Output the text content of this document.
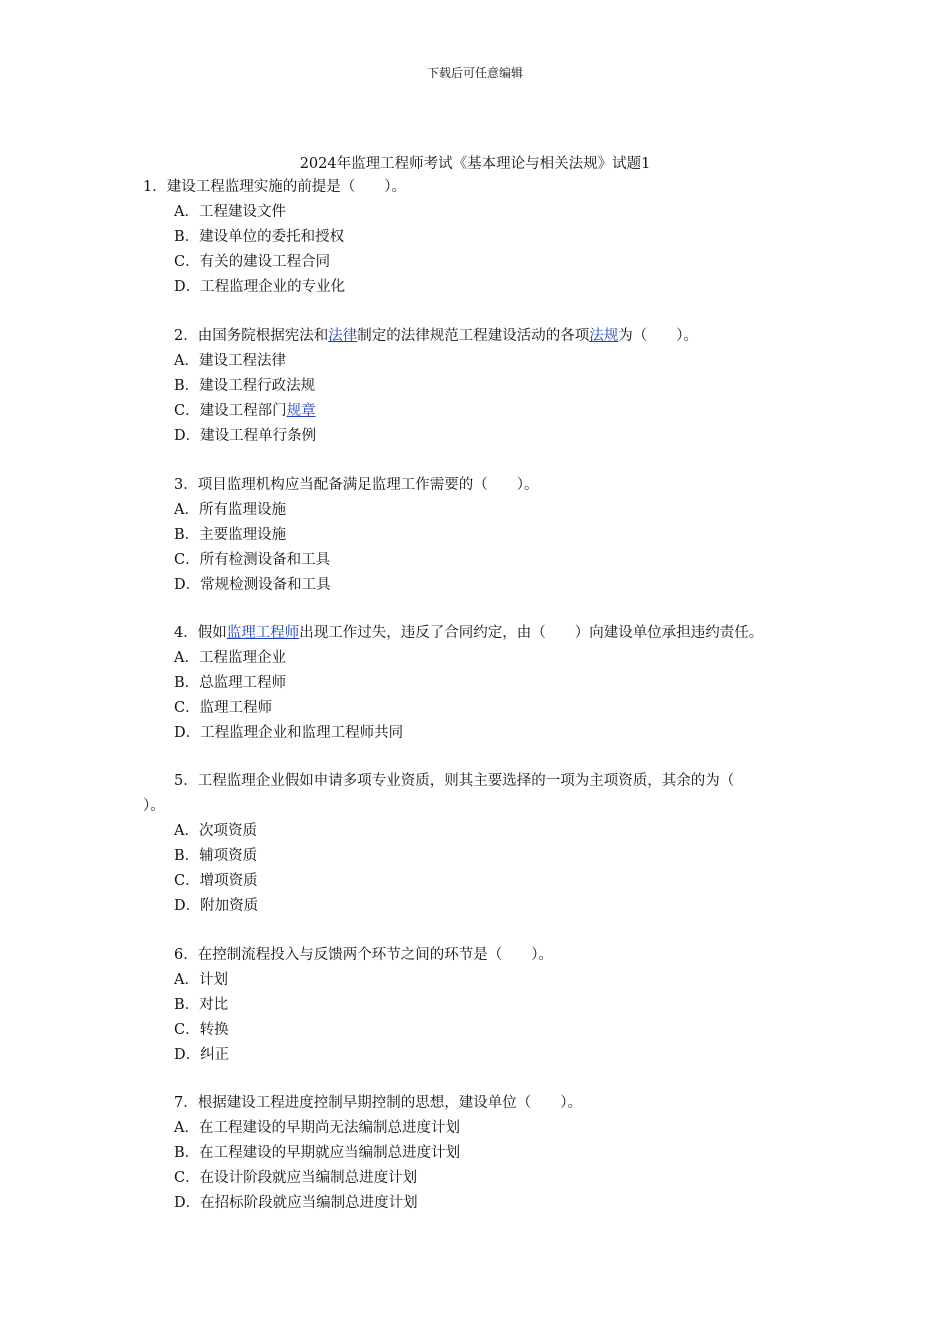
下载后可任意编辑
2024年监理工程师考试《基本理论与相关法规》试题1
1．建设工程监理实施的前提是（　　）。
A．工程建设文件
B．建设单位的委托和授权
C．有关的建设工程合同
D．工程监理企业的专业化
2．由国务院根据宪法和法律制定的法律规范工程建设活动的各项法规为（　　）。
A．建设工程法律
B．建设工程行政法规
C．建设工程部门规章
D．建设工程单行条例
3．项目监理机构应当配备满足监理工作需要的（　　）。
A．所有监理设施
B．主要监理设施
C．所有检测设备和工具
D．常规检测设备和工具
4．假如监理工程师出现工作过失，违反了合同约定，由（　　）向建设单位承担违约责任。
A．工程监理企业
B．总监理工程师
C．监理工程师
D．工程监理企业和监理工程师共同
5．工程监理企业假如申请多项专业资质，则其主要选择的一项为主项资质，其余的为（
）。
A．次项资质
B．辅项资质
C．增项资质
D．附加资质
6．在控制流程投入与反馈两个环节之间的环节是（　　）。
A．计划
B．对比
C．转换
D．纠正
7．根据建设工程进度控制早期控制的思想，建设单位（　　）。
A．在工程建设的早期尚无法编制总进度计划
B．在工程建设的早期就应当编制总进度计划
C．在设计阶段就应当编制总进度计划
D．在招标阶段就应当编制总进度计划
